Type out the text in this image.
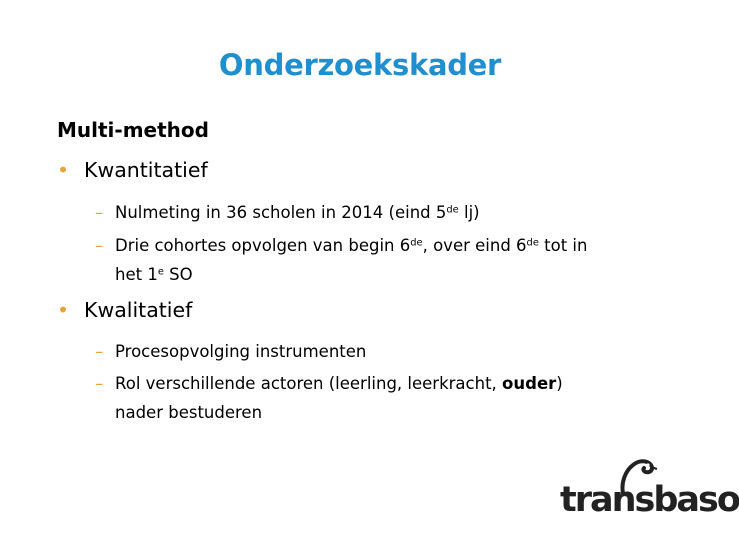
Onderzoekskader
Multi-method
• Kwantitatief
– Nulmeting in 36 scholen in 2014 (eind 5de lj)
– Drie cohortes opvolgen van begin 6de, over eind 6de tot in
het 1e SO
• Kwalitatief
– Procesopvolging instrumenten
– Rol verschillende actoren (leerling, leerkracht, ouder)
nader bestuderen
transbaso
